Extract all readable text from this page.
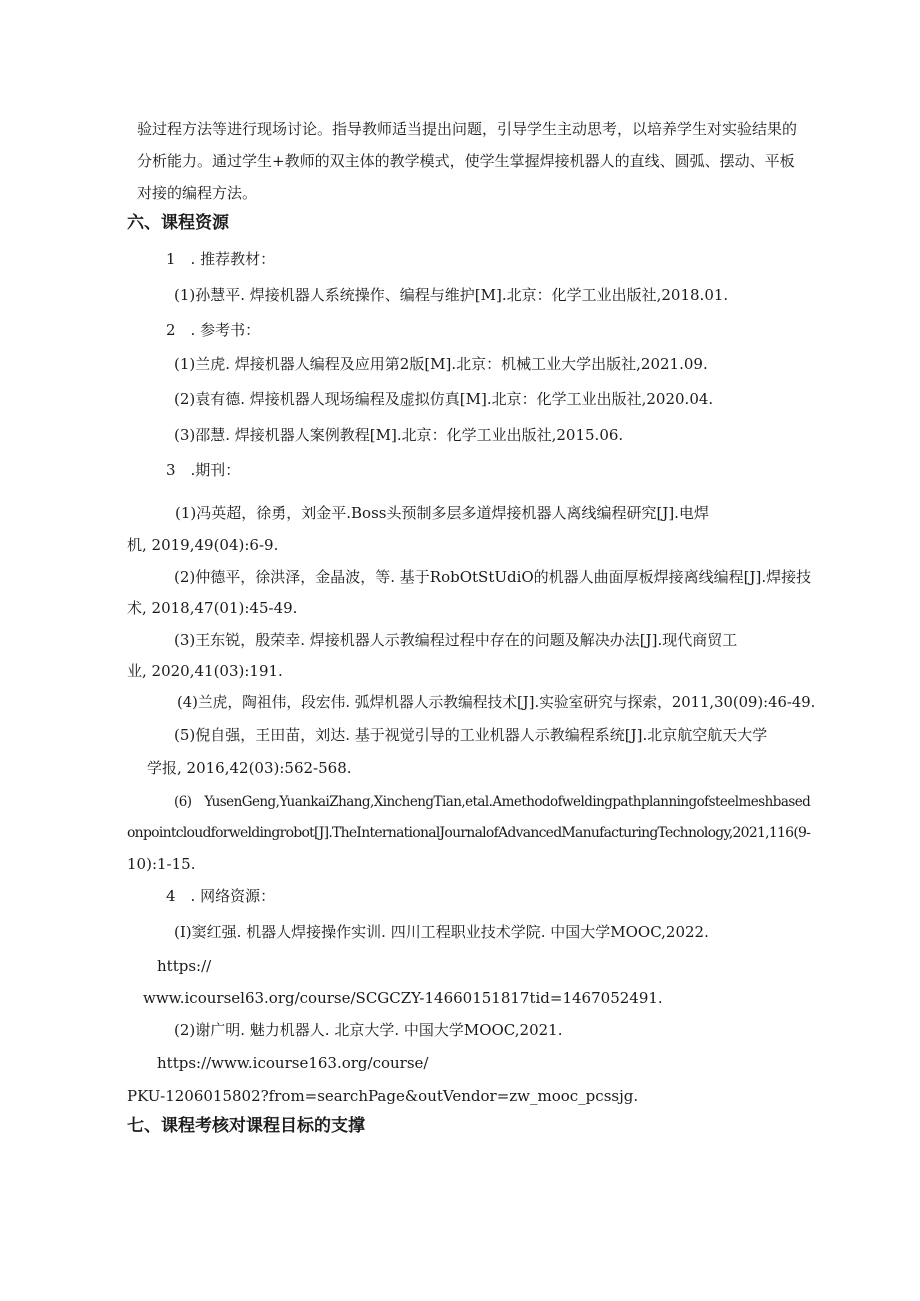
验过程方法等进行现场讨论。指导教师适当提出问题，引导学生主动思考，以培养学生对实验结果的
分析能力。通过学生+教师的双主体的教学模式，使学生掌握焊接机器人的直线、圆弧、摆动、平板
对接的编程方法。
六、课程资源
1　. 推荐教材：
(1)孙慧平. 焊接机器人系统操作、编程与维护[M].北京：化学工业出版社,2018.01.
2　. 参考书：
(1)兰虎. 焊接机器人编程及应用第2版[M].北京：机械工业大学出版社,2021.09.
(2)袁有德. 焊接机器人现场编程及虚拟仿真[M].北京：化学工业出版社,2020.04.
(3)邵慧. 焊接机器人案例教程[M].北京：化学工业出版社,2015.06.
3　.期刊：
(1)冯英超，徐勇，刘金平.Boss头预制多层多道焊接机器人离线编程研究[J].电焊
机, 2019,49(04):6-9.
(2)仲德平，徐洪泽，金晶波，等. 基于RobOtStUdiO的机器人曲面厚板焊接离线编程[J].焊接技
术, 2018,47(01):45-49.
(3)王东锐，殷荣幸. 焊接机器人示教编程过程中存在的问题及解决办法[J].现代商贸工
业, 2020,41(03):191.
(4)兰虎，陶祖伟，段宏伟. 弧焊机器人示教编程技术[J].实验室研究与探索，2011,30(09):46-49.
(5)倪自强，王田苗，刘达. 基于视觉引导的工业机器人示教编程系统[J].北京航空航天大学
学报, 2016,42(03):562-568.
(6)　YusenGeng,YuankaiZhang,XinchengTian,etal.Amethodofweldingpathplanningofsteelmeshbased
onpointcloudforweldingrobot[J].TheInternationalJournalofAdvancedManufacturingTechnology,2021,116(9-
10):1-15.
4　. 网络资源：
(I)窦红强. 机器人焊接操作实训. 四川工程职业技术学院. 中国大学MOOC,2022.
https://
www.icoursel63.org/course/SCGCZY-14660151817tid=1467052491.
(2)谢广明. 魅力机器人. 北京大学. 中国大学MOOC,2021.
https://www.icourse163.org/course/
PKU-1206015802?from=searchPage&outVendor=zw_mooc_pcssjg.
七、课程考核对课程目标的支撑
